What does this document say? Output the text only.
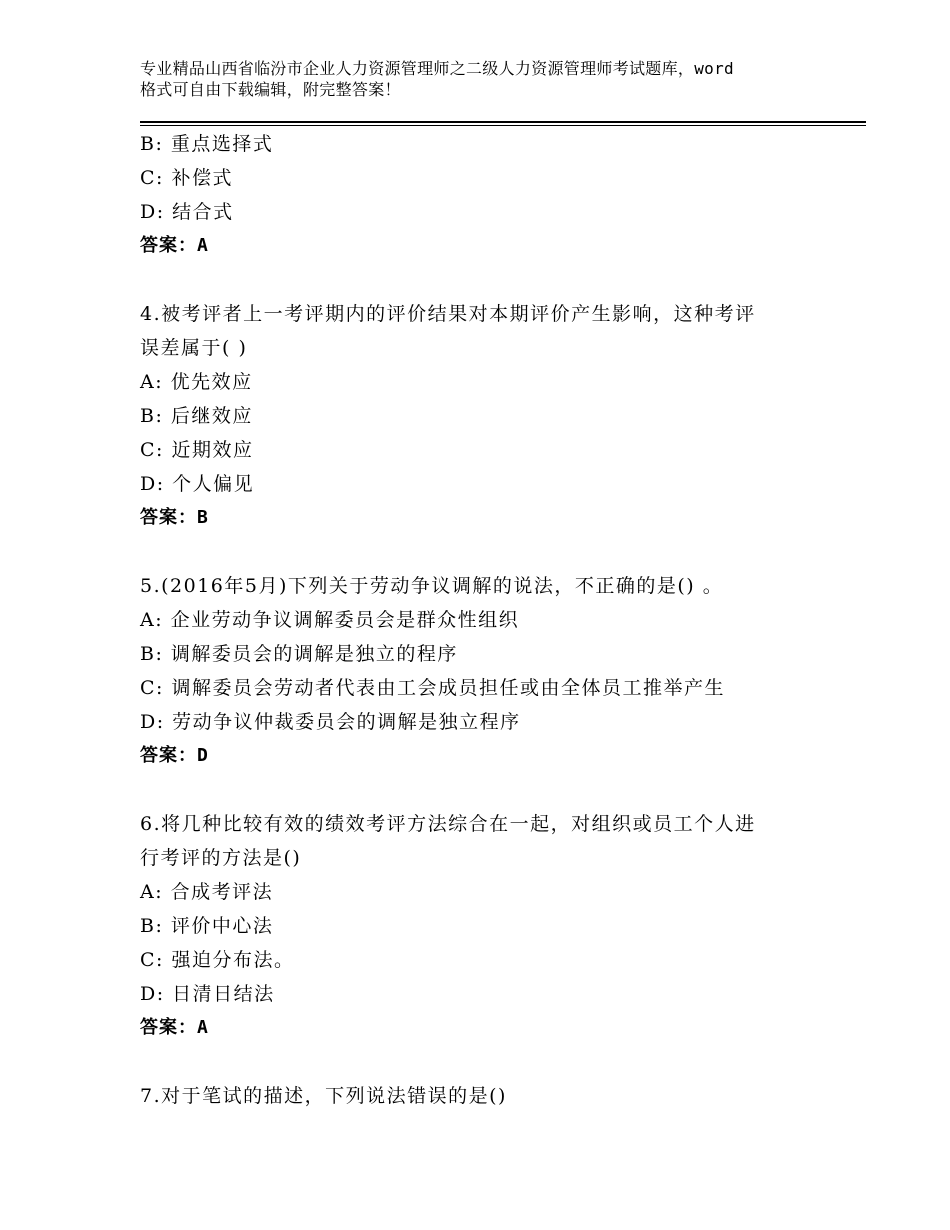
专业精品山西省临汾市企业人力资源管理师之二级人力资源管理师考试题库，word
格式可自由下载编辑，附完整答案！
B: 重点选择式
C: 补偿式
D: 结合式
答案：A
4.被考评者上一考评期内的评价结果对本期评价产生影响，这种考评
误差属于( )
A: 优先效应
B: 后继效应
C: 近期效应
D: 个人偏见
答案：B
5.(2016年5月)下列关于劳动争议调解的说法，不正确的是() 。
A: 企业劳动争议调解委员会是群众性组织
B: 调解委员会的调解是独立的程序
C: 调解委员会劳动者代表由工会成员担任或由全体员工推举产生
D: 劳动争议仲裁委员会的调解是独立程序
答案：D
6.将几种比较有效的绩效考评方法综合在一起，对组织或员工个人进
行考评的方法是()
A: 合成考评法
B: 评价中心法
C: 强迫分布法。
D: 日清日结法
答案：A
7.对于笔试的描述，下列说法错误的是()
